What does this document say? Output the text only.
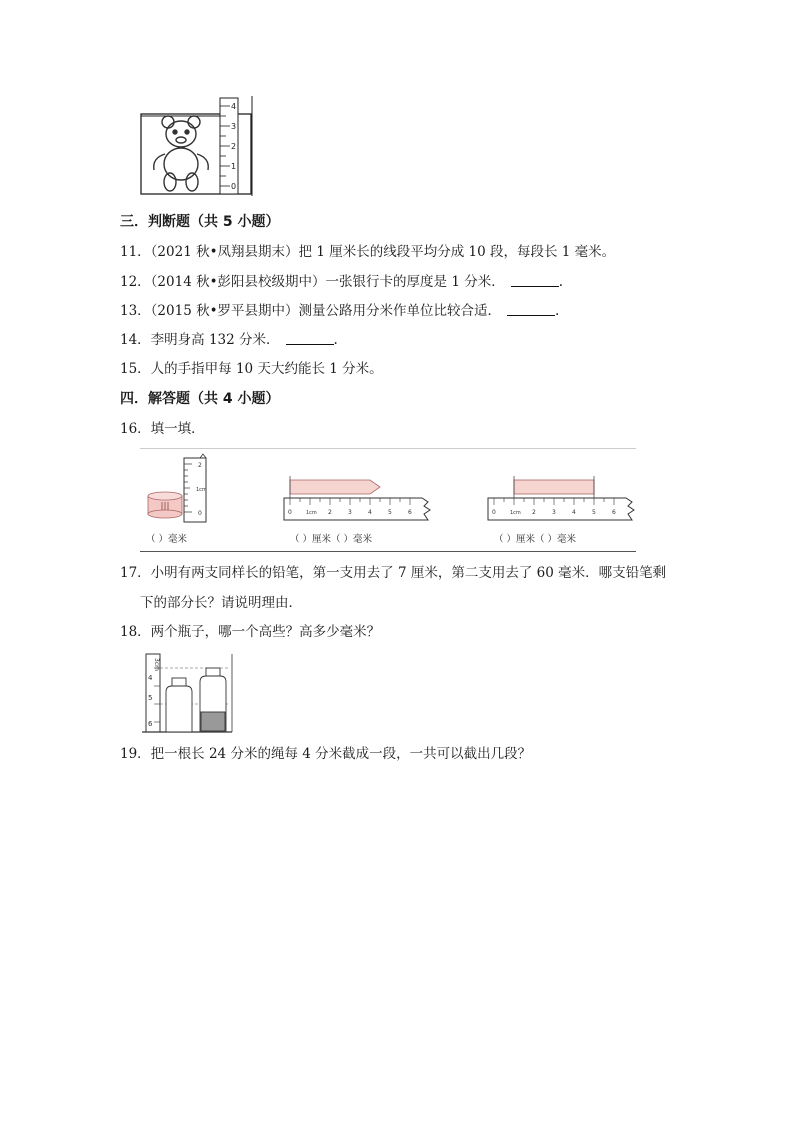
4
3
2
1
0
三．判断题（共 5 小题）
11．（2021 秋•凤翔县期末）把 1 厘米长的线段平均分成 10 段，每段长 1 毫米。
12．（2014 秋•彭阳县校级期中）一张银行卡的厚度是 1 分米．	.
13．（2015 秋•罗平县期中）测量公路用分米作单位比较合适．	.
14．李明身高 132 分米．	.
15．人的手指甲每 10 天大约能长 1 分米。
四．解答题（共 4 小题）
16．填一填．
2
1cm
0
（ ）毫米
0	1cm 2	3	4	5	6
（ ）厘米（ ）毫米
0	1cm 2	3	4	5	6
（ ）厘米（ ）毫米
17．小明有两支同样长的铅笔，第一支用去了 7 厘米，第二支用去了 60 毫米．哪支铅笔剩
下的部分长？请说明理由．
18．两个瓶子，哪一个高些？高多少毫米？
3cm
4
5
6
19．把一根长 24 分米的绳每 4 分米截成一段，一共可以截出几段？
